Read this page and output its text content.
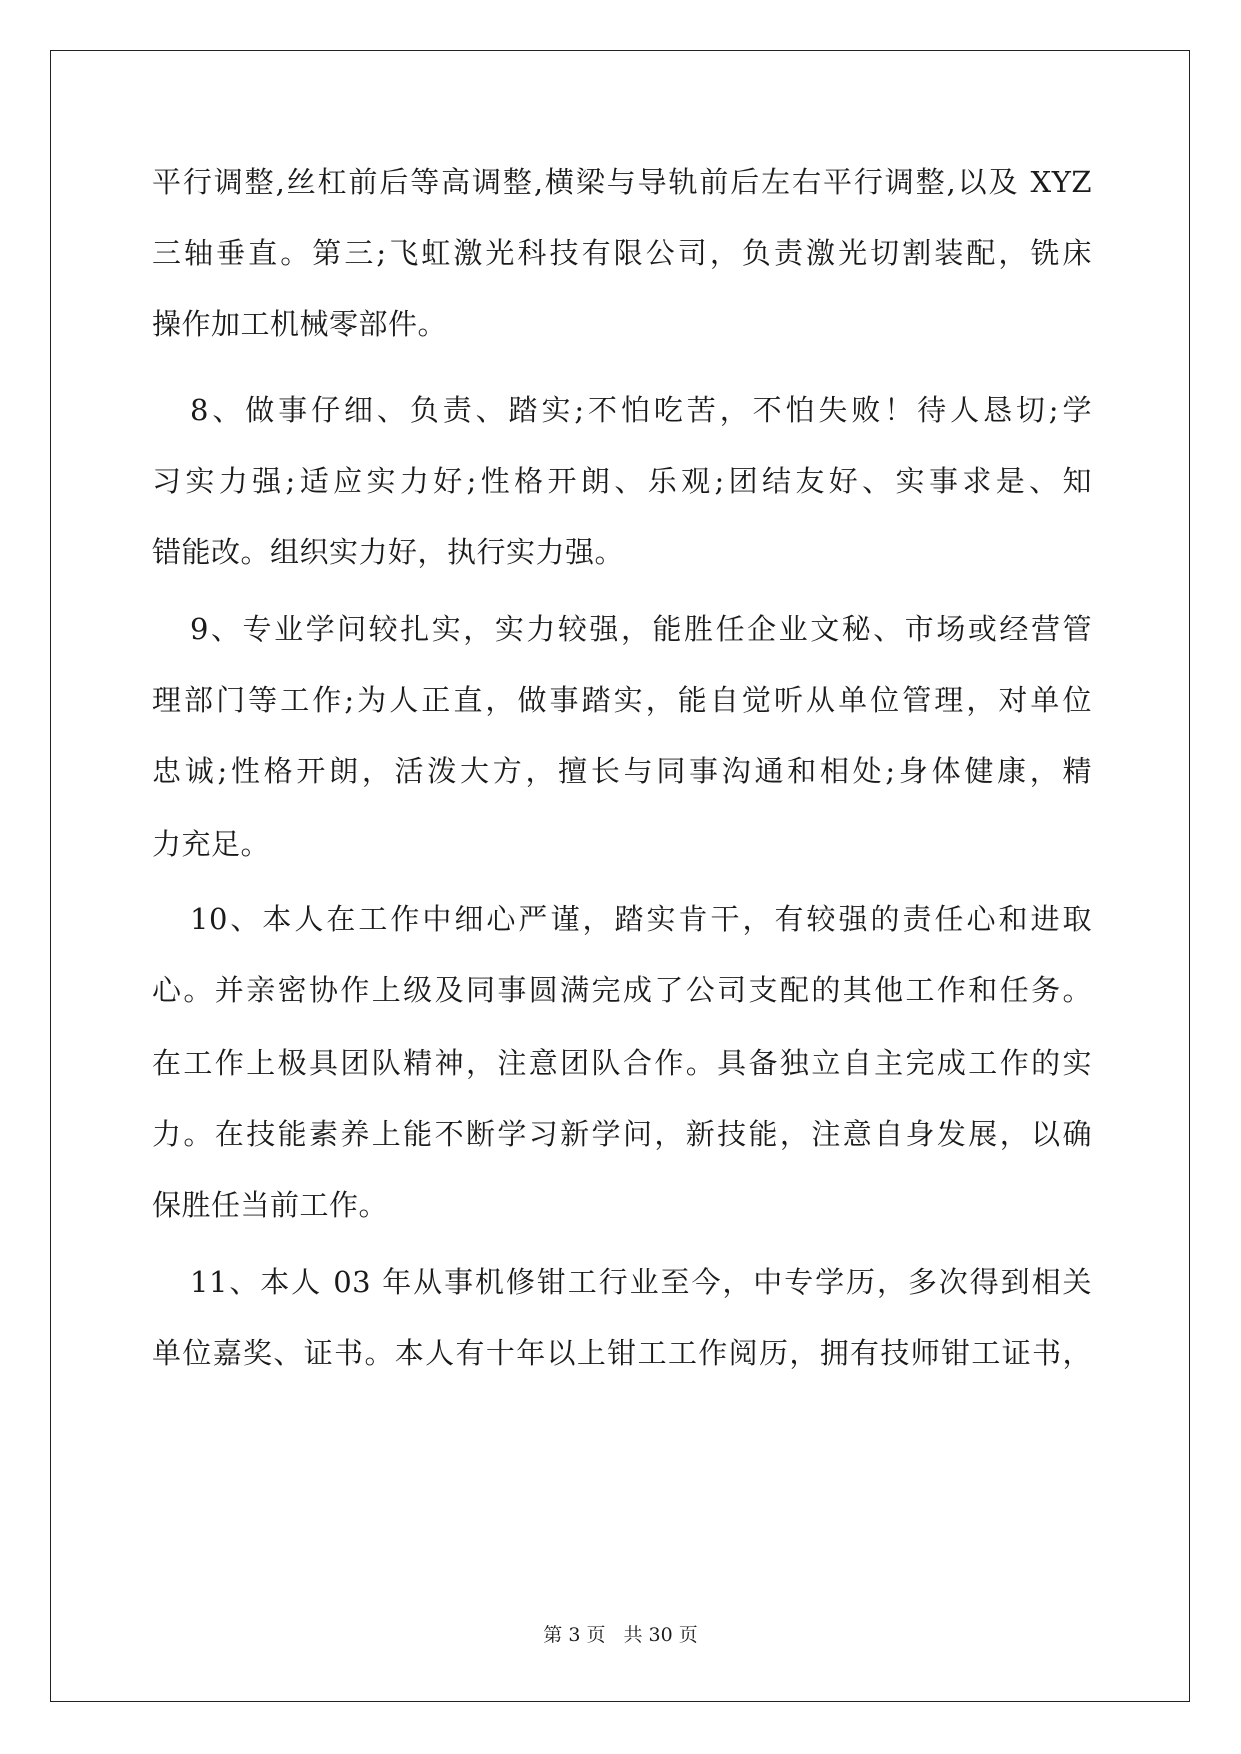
平行调整,丝杠前后等高调整,横梁与导轨前后左右平行调整,以及 XYZ
三轴垂直。第三;飞虹激光科技有限公司，负责激光切割装配，铣床
操作加工机械零部件。
8、做事仔细、负责、踏实;不怕吃苦，不怕失败！待人恳切;学
习实力强;适应实力好;性格开朗、乐观;团结友好、实事求是、知
错能改。组织实力好，执行实力强。
9、专业学问较扎实，实力较强，能胜任企业文秘、市场或经营管
理部门等工作;为人正直，做事踏实，能自觉听从单位管理，对单位
忠诚;性格开朗，活泼大方，擅长与同事沟通和相处;身体健康，精
力充足。
10、本人在工作中细心严谨，踏实肯干，有较强的责任心和进取
心。并亲密协作上级及同事圆满完成了公司支配的其他工作和任务。
在工作上极具团队精神，注意团队合作。具备独立自主完成工作的实
力。在技能素养上能不断学习新学问，新技能，注意自身发展，以确
保胜任当前工作。
11、本人 03 年从事机修钳工行业至今，中专学历，多次得到相关
单位嘉奖、证书。本人有十年以上钳工工作阅历，拥有技师钳工证书，
第 3 页 共 30 页
